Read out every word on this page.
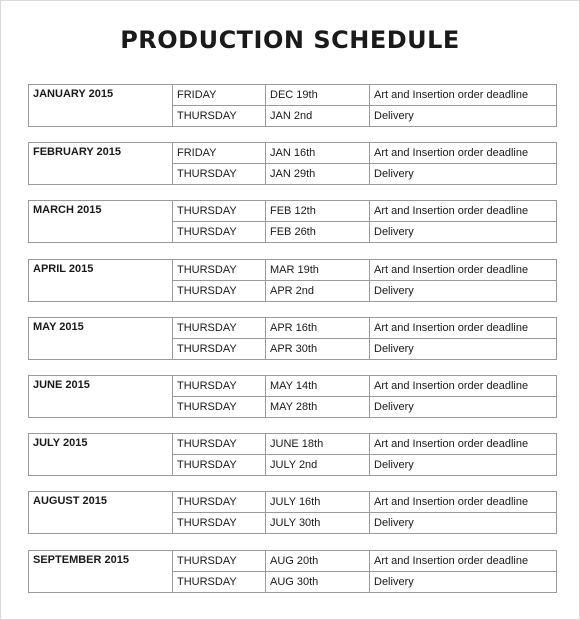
PRODUCTION SCHEDULE
JANUARY 2015	FRIDAY	DEC 19th	Art and Insertion order deadline
	THURSDAY	JAN 2nd	Delivery
FEBRUARY 2015	FRIDAY	JAN 16th	Art and Insertion order deadline
	THURSDAY	JAN 29th	Delivery
MARCH 2015	THURSDAY	FEB 12th	Art and Insertion order deadline
	THURSDAY	FEB 26th	Delivery
APRIL 2015	THURSDAY	MAR 19th	Art and Insertion order deadline
	THURSDAY	APR 2nd	Delivery
MAY 2015	THURSDAY	APR 16th	Art and Insertion order deadline
	THURSDAY	APR 30th	Delivery
JUNE 2015	THURSDAY	MAY 14th	Art and Insertion order deadline
	THURSDAY	MAY 28th	Delivery
JULY 2015	THURSDAY	JUNE 18th	Art and Insertion order deadline
	THURSDAY	JULY 2nd	Delivery
AUGUST 2015	THURSDAY	JULY 16th	Art and Insertion order deadline
	THURSDAY	JULY 30th	Delivery
SEPTEMBER 2015	THURSDAY	AUG 20th	Art and Insertion order deadline
	THURSDAY	AUG 30th	Delivery
